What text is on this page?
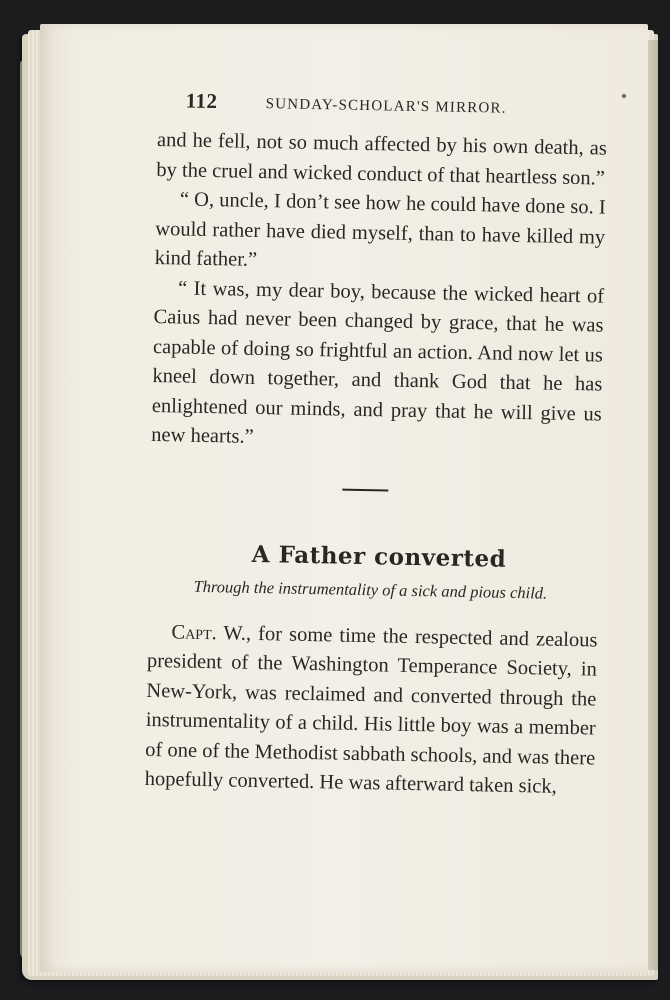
112	SUNDAY-SCHOLAR'S MIRROR.

and he fell, not so much affected by his own death, as by the cruel and wicked conduct of that heartless son.”

“ O, uncle, I don’t see how he could have done so. I would rather have died myself, than to have killed my kind father.”

“ It was, my dear boy, because the wicked heart of Caius had never been changed by grace, that he was capable of doing so frightful an action. And now let us kneel down together, and thank God that he has enlightened our minds, and pray that he will give us new hearts.”

A Father converted
Through the instrumentality of a sick and pious child.

Capt. W., for some time the respected and zealous president of the Washington Temperance Society, in New-York, was reclaimed and converted through the instrumentality of a child. His little boy was a member of one of the Methodist sabbath schools, and was there hopefully converted. He was afterward taken sick,
